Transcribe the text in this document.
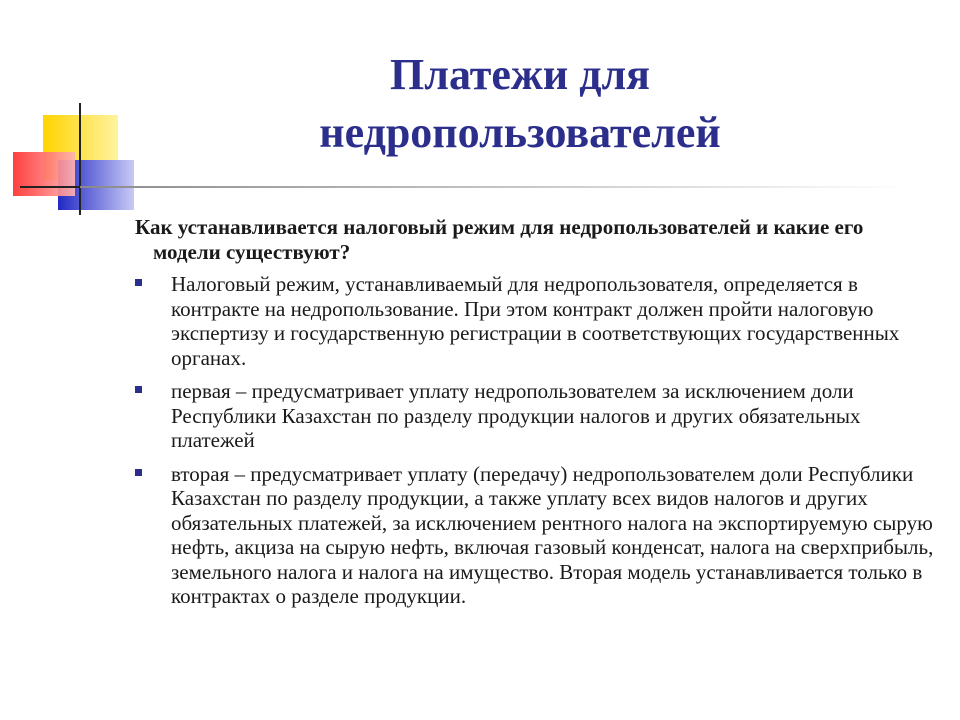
Платежи для
недропользователей

Как устанавливается налоговый режим для недропользователей и какие его модели существуют?

Налоговый режим, устанавливаемый для недропользователя, определяется в контракте на недропользование. При этом контракт должен пройти налоговую экспертизу и государственную регистрации в соответствующих государственных органах.
первая – предусматривает уплату недропользователем за исключением доли Республики Казахстан по разделу продукции налогов и других обязательных платежей
вторая – предусматривает уплату (передачу) недропользователем доли Республики Казахстан по разделу продукции, а также уплату всех видов налогов и других обязательных платежей, за исключением рентного налога на экспортируемую сырую нефть, акциза на сырую нефть, включая газовый конденсат, налога на сверхприбыль, земельного налога и налога на имущество. Вторая модель устанавливается только в контрактах о разделе продукции.
